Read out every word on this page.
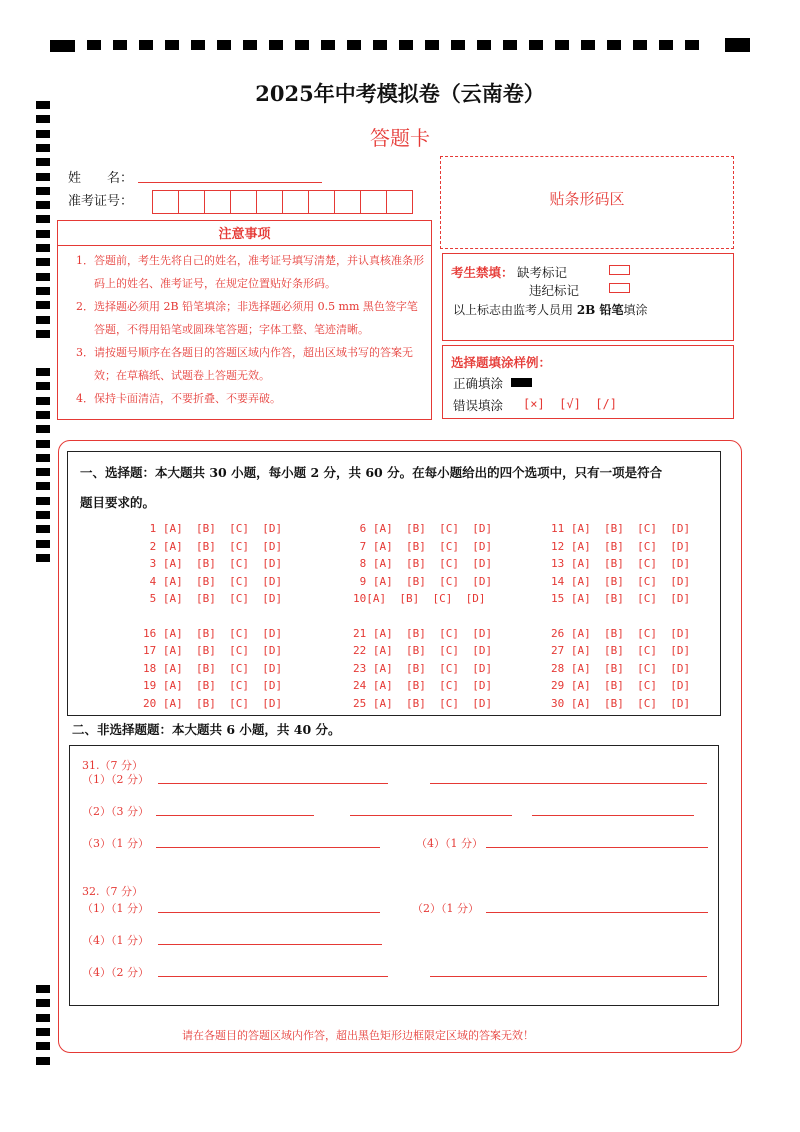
2025年中考模拟卷（云南卷）
答题卡
姓　　名：
准考证号：	贴条形码区
注意事项
1．答题前，考生先将自己的姓名，准考证号填写清楚，并认真核准条形码上的姓名、准考证号，在规定位置贴好条形码。
2．选择题必须用 2B 铅笔填涂；非选择题必须用 0.5 mm 黑色签字笔答题，不得用铅笔或圆珠笔答题；字体工整、笔迹清晰。
3．请按题号顺序在各题目的答题区域内作答，超出区域书写的答案无效；在草稿纸、试题卷上答题无效。
4．保持卡面清洁，不要折叠、不要弄破。
考生禁填： 缺考标记
违纪标记
以上标志由监考人员用 2B 铅笔填涂
选择题填涂样例：
正确填涂
错误填涂 [×]  [√]  [/]
一、选择题：本大题共 30 小题，每小题 2 分，共 60 分。在每小题给出的四个选项中，只有一项是符合
题目要求的。
1 [A]  [B]  [C]  [D]	6 [A]  [B]  [C]  [D]	11 [A]  [B]  [C]  [D]
2 [A]  [B]  [C]  [D]	7 [A]  [B]  [C]  [D]	12 [A]  [B]  [C]  [D]
3 [A]  [B]  [C]  [D]	8 [A]  [B]  [C]  [D]	13 [A]  [B]  [C]  [D]
4 [A]  [B]  [C]  [D]	9 [A]  [B]  [C]  [D]	14 [A]  [B]  [C]  [D]
5 [A]  [B]  [C]  [D]	10[A]  [B]  [C]  [D]	15 [A]  [B]  [C]  [D]
16 [A]  [B]  [C]  [D]	21 [A]  [B]  [C]  [D]	26 [A]  [B]  [C]  [D]
17 [A]  [B]  [C]  [D]	22 [A]  [B]  [C]  [D]	27 [A]  [B]  [C]  [D]
18 [A]  [B]  [C]  [D]	23 [A]  [B]  [C]  [D]	28 [A]  [B]  [C]  [D]
19 [A]  [B]  [C]  [D]	24 [A]  [B]  [C]  [D]	29 [A]  [B]  [C]  [D]
20 [A]  [B]  [C]  [D]	25 [A]  [B]  [C]  [D]	30 [A]  [B]  [C]  [D]
二、非选择题题：本大题共 6 小题，共 40 分。
31.（7 分）
（1）（2 分）
（2）（3 分）
（3）（1 分）	（4）（1 分）
32.（7 分）
（1）（1 分）	（2）（1 分）
（4）（1 分）
（4）（2 分）
请在各题目的答题区域内作答，超出黑色矩形边框限定区域的答案无效！
